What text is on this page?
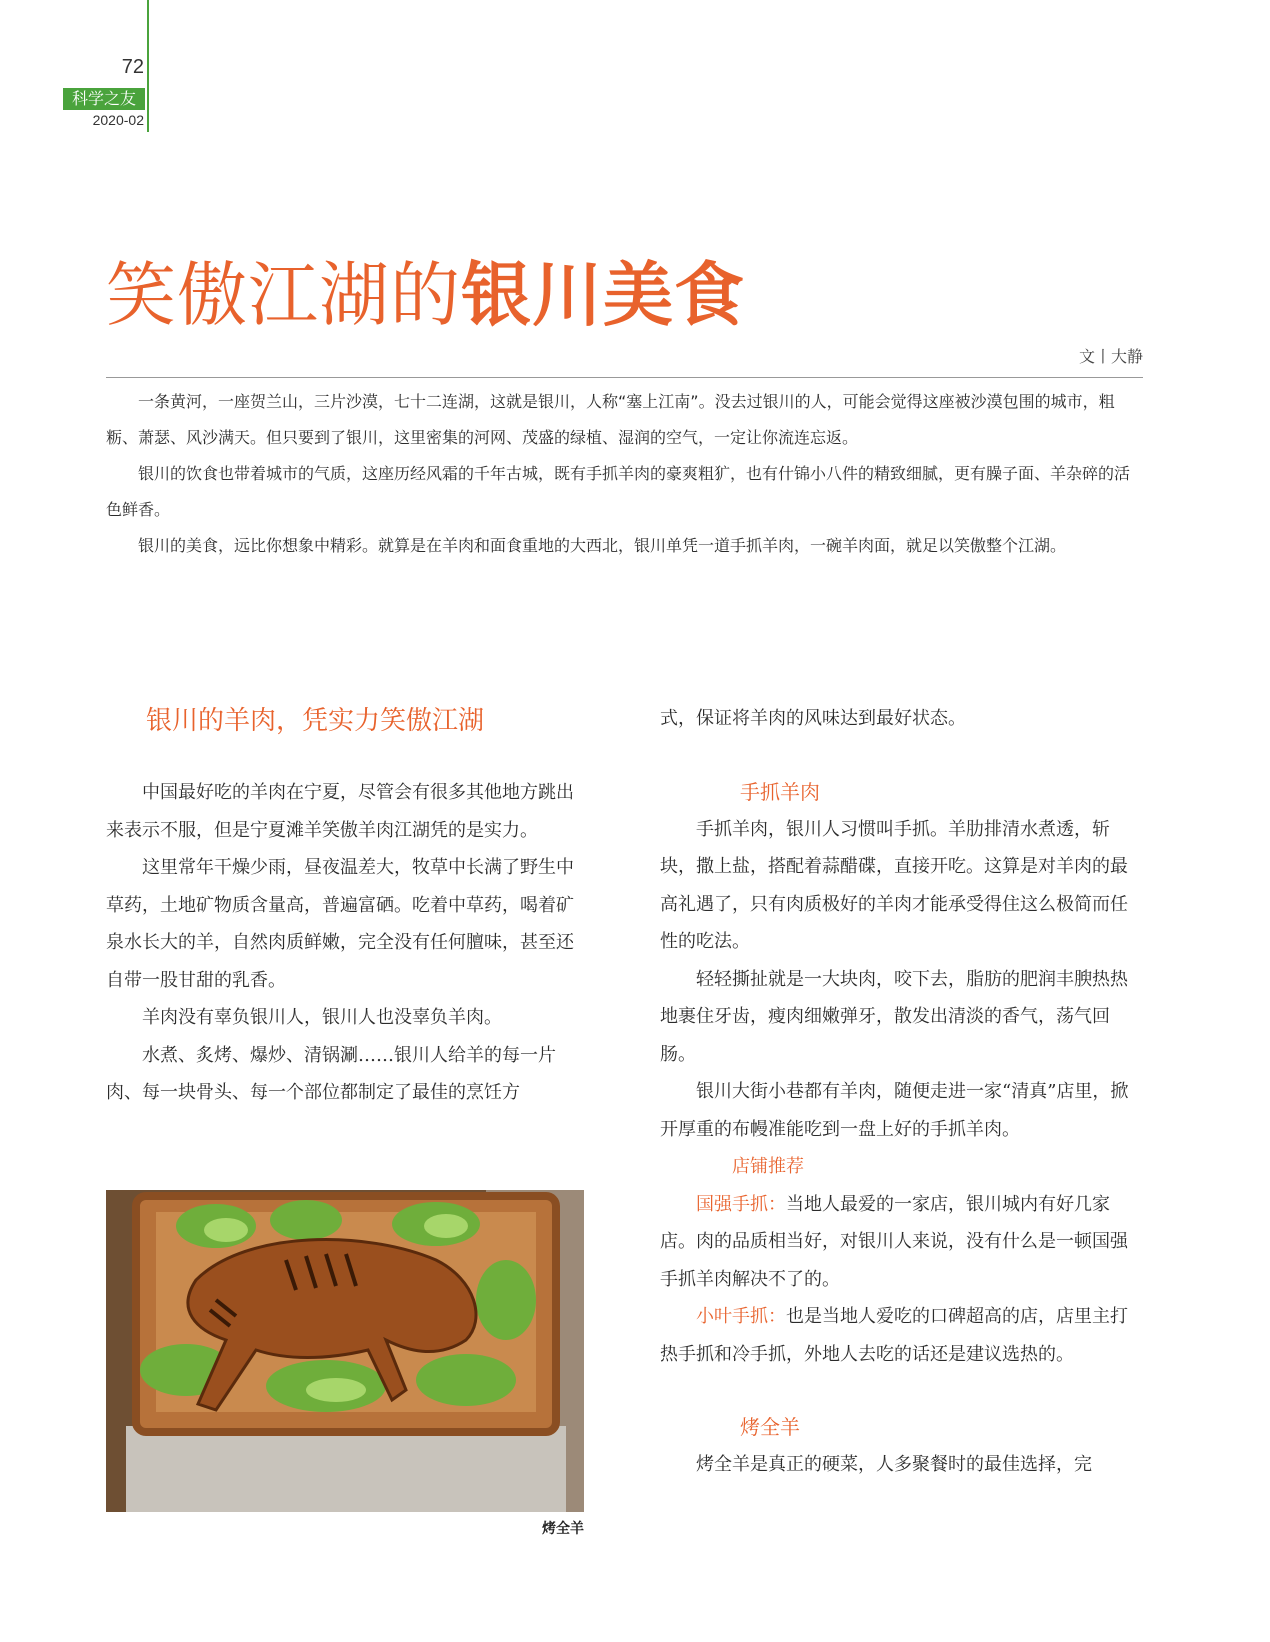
72
科学之友
2020-02
笑傲江湖的银川美食
文丨大静

一条黄河，一座贺兰山，三片沙漠，七十二连湖，这就是银川，人称“塞上江南”。没去过银川的人，可能会觉得这座被沙漠包围的城市，粗粝、萧瑟、风沙满天。但只要到了银川，这里密集的河网、茂盛的绿植、湿润的空气，一定让你流连忘返。

银川的饮食也带着城市的气质，这座历经风霜的千年古城，既有手抓羊肉的豪爽粗犷，也有什锦小八件的精致细腻，更有臊子面、羊杂碎的活色鲜香。

银川的美食，远比你想象中精彩。就算是在羊肉和面食重地的大西北，银川单凭一道手抓羊肉，一碗羊肉面，就足以笑傲整个江湖。

银川的羊肉，凭实力笑傲江湖

中国最好吃的羊肉在宁夏，尽管会有很多其他地方跳出来表示不服，但是宁夏滩羊笑傲羊肉江湖凭的是实力。

这里常年干燥少雨，昼夜温差大，牧草中长满了野生中草药，土地矿物质含量高，普遍富硒。吃着中草药，喝着矿泉水长大的羊，自然肉质鲜嫩，完全没有任何膻味，甚至还自带一股甘甜的乳香。

羊肉没有辜负银川人，银川人也没辜负羊肉。

水煮、炙烤、爆炒、清锅涮……银川人给羊的每一片肉、每一块骨头、每一个部位都制定了最佳的烹饪方

烤全羊

式，保证将羊肉的风味达到最好状态。

手抓羊肉

手抓羊肉，银川人习惯叫手抓。羊肋排清水煮透，斩块，撒上盐，搭配着蒜醋碟，直接开吃。这算是对羊肉的最高礼遇了，只有肉质极好的羊肉才能承受得住这么极简而任性的吃法。

轻轻撕扯就是一大块肉，咬下去，脂肪的肥润丰腴热热地裹住牙齿，瘦肉细嫩弹牙，散发出清淡的香气，荡气回肠。

银川大街小巷都有羊肉，随便走进一家“清真”店里，掀开厚重的布幔准能吃到一盘上好的手抓羊肉。

店铺推荐

国强手抓：当地人最爱的一家店，银川城内有好几家店。肉的品质相当好，对银川人来说，没有什么是一顿国强手抓羊肉解决不了的。

小叶手抓：也是当地人爱吃的口碑超高的店，店里主打热手抓和冷手抓，外地人去吃的话还是建议选热的。

烤全羊

烤全羊是真正的硬菜，人多聚餐时的最佳选择，完
